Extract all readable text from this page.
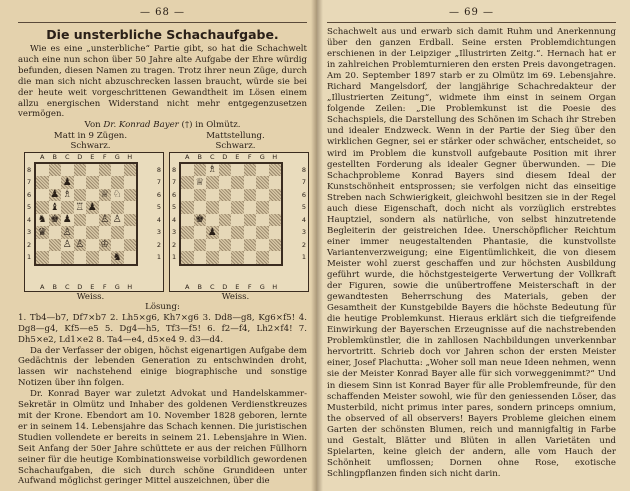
— 68 —
Die unsterbliche Schachaufgabe.

Wie es eine „unsterbliche“ Partie gibt, so hat die Schachwelt auch eine nun schon über 50 Jahre alte Aufgabe der Ehre würdig befunden, diesen Namen zu tragen. Trotz ihrer neun Züge, durch die man sich nicht abzuschrecken lassen braucht, würde sie bei der heute weit vorgeschrittenen Gewandtheit im Lösen einem allzu energischen Widerstand nicht mehr entgegenzusetzen vermögen.

Von Dr. Konrad Bayer (†) in Olmütz.

Matt in 9 Zügen.
Schwarz.
A	B	C	D	E	F	G	H
8
7
6
5
4
3
2
1
♟
♟ ♗	♕ ♘
♝ ♖ ♟
♞ ♚ ♟	♙ ♙
♛ ♙
♙ ♙ ♔
♞
8
7
6
5
4
3
2
1
A	B	C	D	E	F	G	H
Weiss.
Mattstellung.
Schwarz.
A	B	C	D	E	F	G	H
8
7
6
5
4
3
2
1
♗
♕
♚
♟
8
7
6
5
4
3
2
1
A	B	C	D	E	F	G	H
Weiss.

Lösung:

1. Tb4—b7, Df7×b7 2. Lh5×g6, Kh7×g6 3. Dd8—g8, Kg6×f5! 4. Dg8—g4, Kf5—e5 5. Dg4—h5, Tf3—f5! 6. f2—f4, Lh2×f4! 7. Dh5×e2, Ld1×e2 8. Ta4—e4, d5×e4 9. d3—d4.

Da der Verfasser der obigen, höchst eigenartigen Aufgabe dem Gedächtnis der lebenden Generation zu entschwinden droht, lassen wir nachstehend einige biographische und sonstige Notizen über ihn folgen.

Dr. Konrad Bayer war zuletzt Advokat und Handelskammer-Sekretär in Olmütz und Inhaber des goldenen Verdienstkreuzes mit der Krone. Ebendort am 10. November 1828 geboren, lernte er in seinem 14. Lebensjahre das Schach kennen. Die juristischen Studien vollendete er bereits in seinem 21. Lebensjahre in Wien. Seit Anfang der 50er Jahre schüttete er aus der reichen Füllhorn seiner für die heutige Kombinationsweise vorbildlich gewordenen Schachaufgaben, die sich durch schöne Grundideen unter Aufwand möglichst geringer Mittel auszeichnen, über die

— 69 —

Schachwelt aus und erwarb sich damit Ruhm und Anerkennung über den ganzen Erdball. Seine ersten Problemdichtungen erschienen in der Leipziger „Illustrirten Zeitg.“. Hernach hat er in zahlreichen Problemturnieren den ersten Preis davongetragen. Am 20. September 1897 starb er zu Olmütz im 69. Lebensjahre. Richard Mangelsdorf, der langjährige Schachredakteur der „Illustrierten Zeitung“, widmete ihm einst in seinem Organ folgende Zeilen: „Die Problemkunst ist die Poesie des Schachspiels, die Darstellung des Schönen im Schach ihr Streben und idealer Endzweck. Wenn in der Partie der Sieg über den wirklichen Gegner, sei er stärker oder schwächer, entscheidet, so wird im Problem die kunstvoll aufgebaute Position mit ihrer gestellten Forderung als idealer Gegner überwunden. — Die Schachprobleme Konrad Bayers sind diesem Ideal der Kunstschönheit entsprossen; sie verfolgen nicht das einseitige Streben nach Schwierigkeit, gleichwohl besitzen sie in der Regel auch diese Eigenschaft, doch nicht als vorzüglich erstrebtes Hauptziel, sondern als natürliche, von selbst hinzutretende Begleiterin der geistreichen Idee. Unerschöpflicher Reichtum einer immer neugestaltenden Phantasie, die kunstvollste Variantenverzweigung; eine Eigentümlichkeit, die von diesem Meister wohl zuerst geschaffen und zur höchsten Ausbildung geführt wurde, die höchstgesteigerte Verwertung der Vollkraft der Figuren, sowie die unübertroffene Meisterschaft in der gewandtesten Beherrschung des Materials, geben der Gesamtheit der Kunstgebilde Bayers die höchste Bedeutung für die heutige Problemkunst. Hieraus erklärt sich die tiefgreifende Einwirkung der Bayerschen Erzeugnisse auf die nachstrebenden Problemkünstler, die in zahllosen Nachbildungen unverkennbar hervortritt. Schrieb doch vor Jahren schon der ersten Meister einer, Josef Plachutta: „Woher soll man neue Ideen nehmen, wenn sie der Meister Konrad Bayer alle für sich vorweggenimmt?“ Und in diesem Sinn ist Konrad Bayer für alle Problemfreunde, für den schaffenden Meister sowohl, wie für den geniessenden Löser, das Musterbild, nicht primus inter pares, sondern princeps omnium, the observed of all observers! Bayers Probleme gleichen einem Garten der schönsten Blumen, reich und mannigfaltig in Farbe und Gestalt, Blätter und Blüten in allen Varietäten und Spielarten, keine gleich der andern, alle vom Hauch der Schönheit umflossen; Dornen ohne Rose, exotische Schlingpflanzen finden sich nicht darin.
